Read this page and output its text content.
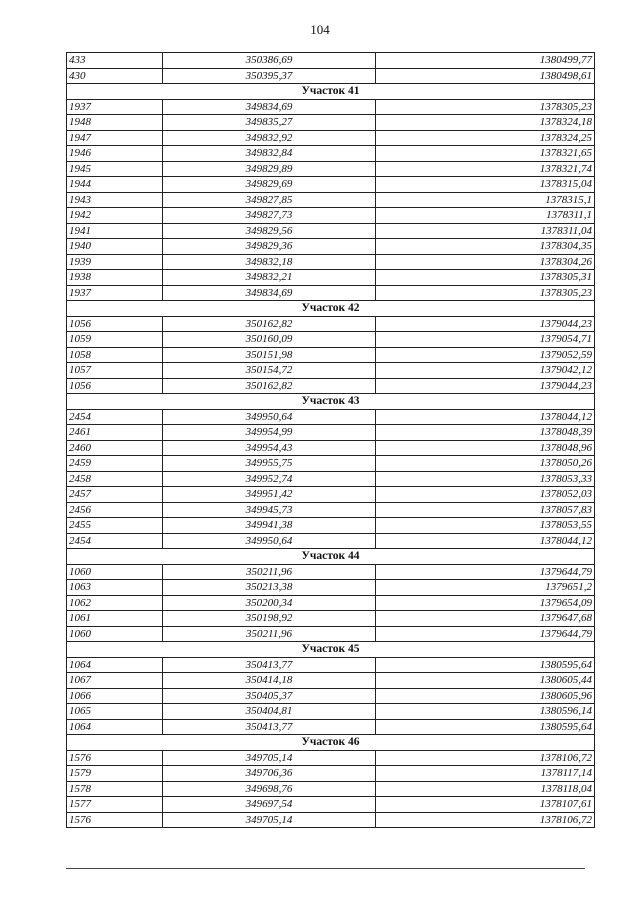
104
433	350386,69	1380499,77
430	350395,37	1380498,61
Участок 41		
1937	349834,69	1378305,23
1948	349835,27	1378324,18
1947	349832,92	1378324,25
1946	349832,84	1378321,65
1945	349829,89	1378321,74
1944	349829,69	1378315,04
1943	349827,85	1378315,1
1942	349827,73	1378311,1
1941	349829,56	1378311,04
1940	349829,36	1378304,35
1939	349832,18	1378304,26
1938	349832,21	1378305,31
1937	349834,69	1378305,23
Участок 42		
1056	350162,82	1379044,23
1059	350160,09	1379054,71
1058	350151,98	1379052,59
1057	350154,72	1379042,12
1056	350162,82	1379044,23
Участок 43		
2454	349950,64	1378044,12
2461	349954,99	1378048,39
2460	349954,43	1378048,96
2459	349955,75	1378050,26
2458	349952,74	1378053,33
2457	349951,42	1378052,03
2456	349945,73	1378057,83
2455	349941,38	1378053,55
2454	349950,64	1378044,12
Участок 44		
1060	350211,96	1379644,79
1063	350213,38	1379651,2
1062	350200,34	1379654,09
1061	350198,92	1379647,68
1060	350211,96	1379644,79
Участок 45		
1064	350413,77	1380595,64
1067	350414,18	1380605,44
1066	350405,37	1380605,96
1065	350404,81	1380596,14
1064	350413,77	1380595,64
Участок 46		
1576	349705,14	1378106,72
1579	349706,36	1378117,14
1578	349698,76	1378118,04
1577	349697,54	1378107,61
1576	349705,14	1378106,72
